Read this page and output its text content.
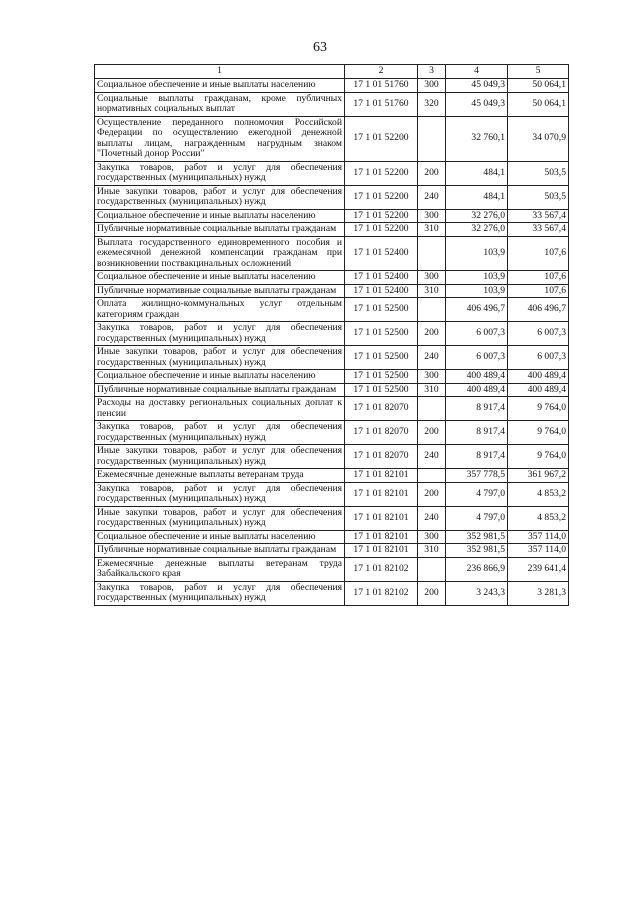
63
1	2	3	4	5
Социальное обеспечение и иные выплаты населению	17 1 01 51760	300	45 049,3	50 064,1
Социальные выплаты гражданам, кроме публичных нормативных социальных выплат	17 1 01 51760	320	45 049,3	50 064,1
Осуществление переданного полномочия Российской Федерации по осуществлению ежегодной денежной выплаты лицам, награжденным нагрудным знаком "Почетный донор России"	17 1 01 52200		32 760,1	34 070,9
Закупка товаров, работ и услуг для обеспечения государственных (муниципальных) нужд	17 1 01 52200	200	484,1	503,5
Иные закупки товаров, работ и услуг для обеспечения государственных (муниципальных) нужд	17 1 01 52200	240	484,1	503,5
Социальное обеспечение и иные выплаты населению	17 1 01 52200	300	32 276,0	33 567,4
Публичные нормативные социальные выплаты гражданам	17 1 01 52200	310	32 276,0	33 567,4
Выплата государственного единовременного пособия и ежемесячной денежной компенсации гражданам при возникновении поствакцинальных осложнений	17 1 01 52400		103,9	107,6
Социальное обеспечение и иные выплаты населению	17 1 01 52400	300	103,9	107,6
Публичные нормативные социальные выплаты гражданам	17 1 01 52400	310	103,9	107,6
Оплата жилищно-коммунальных услуг отдельным категориям граждан	17 1 01 52500		406 496,7	406 496,7
Закупка товаров, работ и услуг для обеспечения государственных (муниципальных) нужд	17 1 01 52500	200	6 007,3	6 007,3
Иные закупки товаров, работ и услуг для обеспечения государственных (муниципальных) нужд	17 1 01 52500	240	6 007,3	6 007,3
Социальное обеспечение и иные выплаты населению	17 1 01 52500	300	400 489,4	400 489,4
Публичные нормативные социальные выплаты гражданам	17 1 01 52500	310	400 489,4	400 489,4
Расходы на доставку региональных социальных доплат к пенсии	17 1 01 82070		8 917,4	9 764,0
Закупка товаров, работ и услуг для обеспечения государственных (муниципальных) нужд	17 1 01 82070	200	8 917,4	9 764,0
Иные закупки товаров, работ и услуг для обеспечения государственных (муниципальных) нужд	17 1 01 82070	240	8 917,4	9 764,0
Ежемесячные денежные выплаты ветеранам труда	17 1 01 82101		357 778,5	361 967,2
Закупка товаров, работ и услуг для обеспечения государственных (муниципальных) нужд	17 1 01 82101	200	4 797,0	4 853,2
Иные закупки товаров, работ и услуг для обеспечения государственных (муниципальных) нужд	17 1 01 82101	240	4 797,0	4 853,2
Социальное обеспечение и иные выплаты населению	17 1 01 82101	300	352 981,5	357 114,0
Публичные нормативные социальные выплаты гражданам	17 1 01 82101	310	352 981,5	357 114,0
Ежемесячные денежные выплаты ветеранам труда Забайкальского края	17 1 01 82102		236 866,9	239 641,4
Закупка товаров, работ и услуг для обеспечения государственных (муниципальных) нужд	17 1 01 82102	200	3 243,3	3 281,3
